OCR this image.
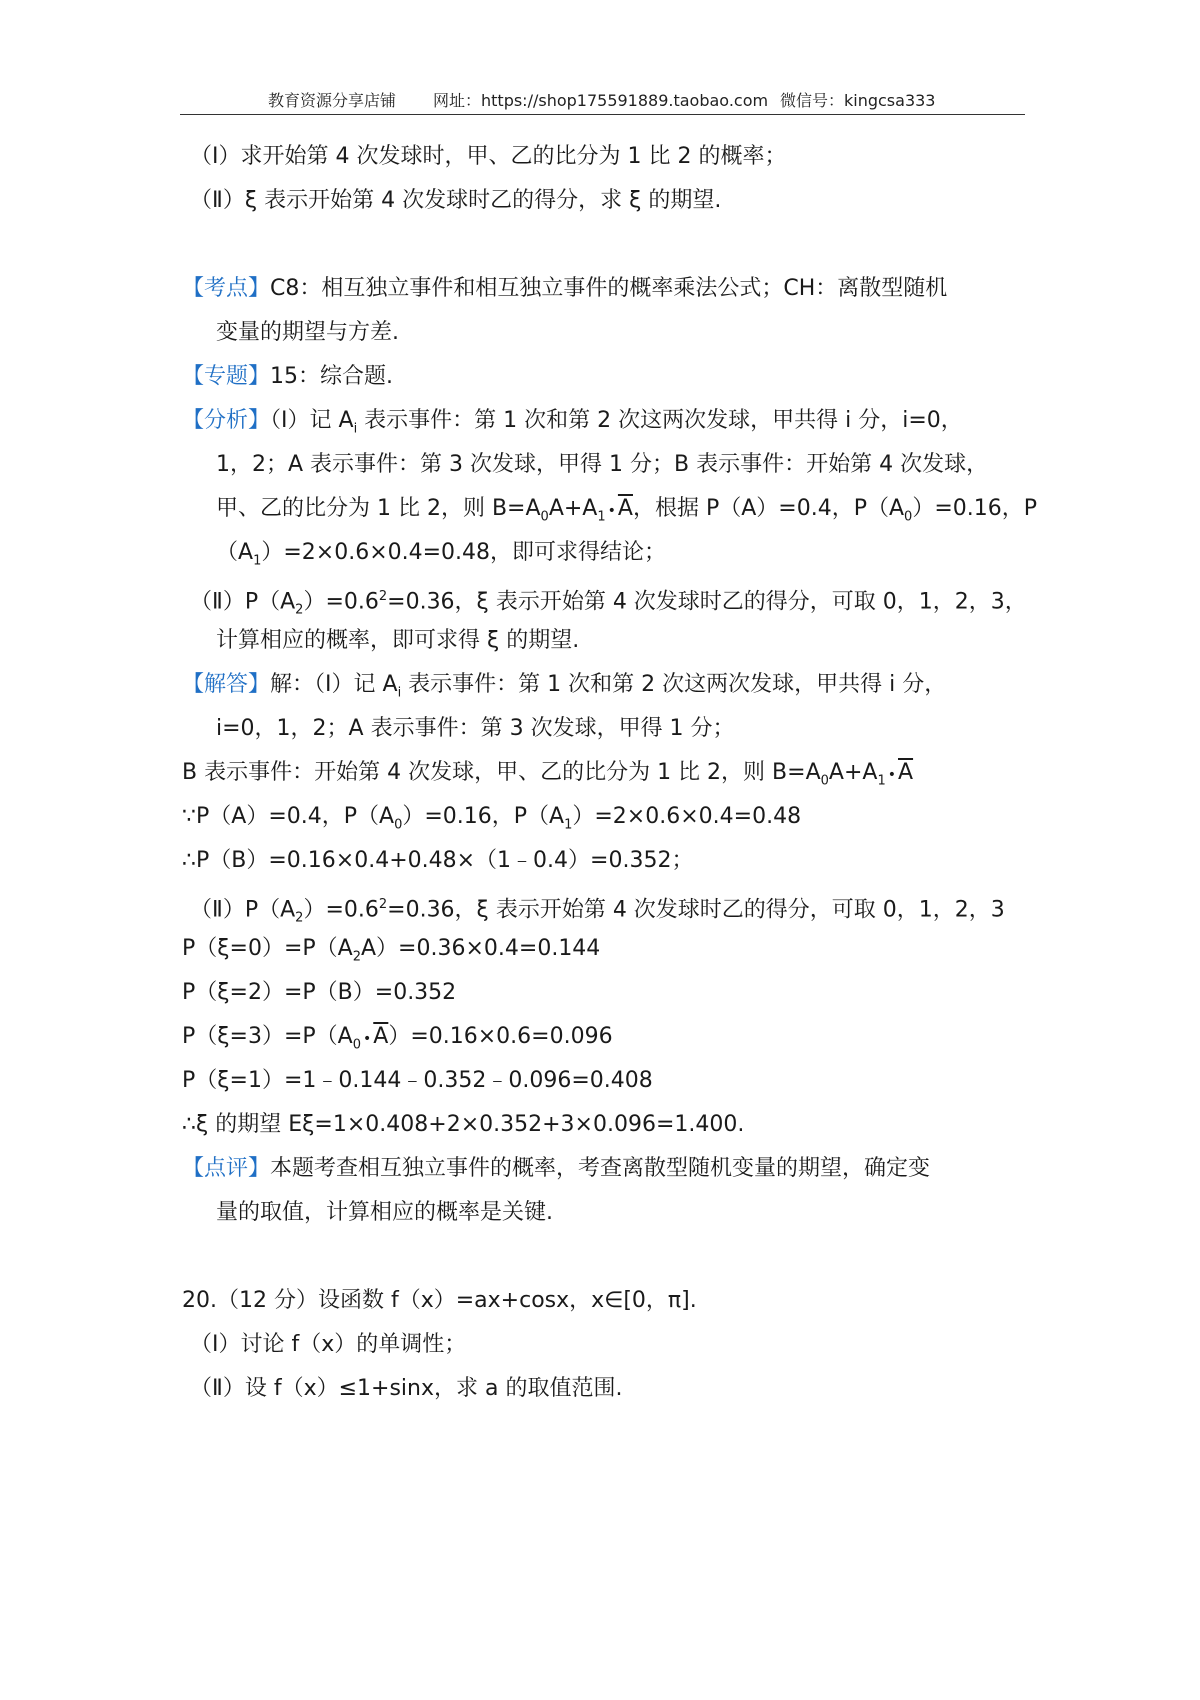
教育资源分享店铺 网址：https://shop175591889.taobao.com 微信号：kingcsa333
（Ⅰ）求开始第 4 次发球时，甲、乙的比分为 1 比 2 的概率；
（Ⅱ）ξ 表示开始第 4 次发球时乙的得分，求 ξ 的期望.
【考点】C8：相互独立事件和相互独立事件的概率乘法公式；CH：离散型随机
变量的期望与方差.
【专题】15：综合题.
【分析】（Ⅰ）记 $A_i$ 表示事件：第 1 次和第 2 次这两次发球，甲共得 i 分，i=0，
1，2；A 表示事件：第 3 次发球，甲得 1 分；B 表示事件：开始第 4 次发球，
甲、乙的比分为 1 比 2，则 $B=A_0A+A_1$ $•\overline{A}$，根据 P（A）=0.4，$P(A_0)=0.16$，P
$(A_1)=2\times 0.6\times 0.4=0.48$，即可求得结论；
$(Ⅱ)P(A_2)=0.6^2=0.36$，ξ 表示开始第 4 次发球时乙的得分，可取 0，1，2，3，
计算相应的概率，即可求得 ξ 的期望.
【解答】解：（Ⅰ）记 $A_i$ 表示事件：第 1 次和第 2 次这两次发球，甲共得 i 分，
i=0，1，2；A 表示事件：第 3 次发球，甲得 1 分；
B 表示事件：开始第 4 次发球，甲、乙的比分为 1 比 2，则 $B=A_0A+A_1$ $•\overline{A}$
∵P（A）=0.4，$P(A_0)=0.16$，$P(A_1)=2\times 0.6\times 0.4=0.48$
∴P（B）=0.16×0.4+0.48×（1﹣0.4）=0.352；
$(Ⅱ)P(A_2)=0.6^2=0.36$，ξ 表示开始第 4 次发球时乙的得分，可取 0，1，2，3
$P(\xi=0)=P(A_2A)=0.36\times 0.4=0.144$
P（ξ=2）=P（B）=0.352
$P(\xi=3)=P(A_0$ $•\overline{A})=0.16\times 0.6=0.096$
P（ξ=1）=1﹣0.144﹣0.352﹣0.096=0.408
∴ξ 的期望 Eξ=1×0.408+2×0.352+3×0.096=1.400.
【点评】本题考查相互独立事件的概率，考查离散型随机变量的期望，确定变
量的取值，计算相应的概率是关键.
20.（12 分）设函数 f（x）=ax+cosx，x∈[0，π].
（Ⅰ）讨论 f（x）的单调性；
（Ⅱ）设 f（x）≤1+sinx，求 a 的取值范围.
